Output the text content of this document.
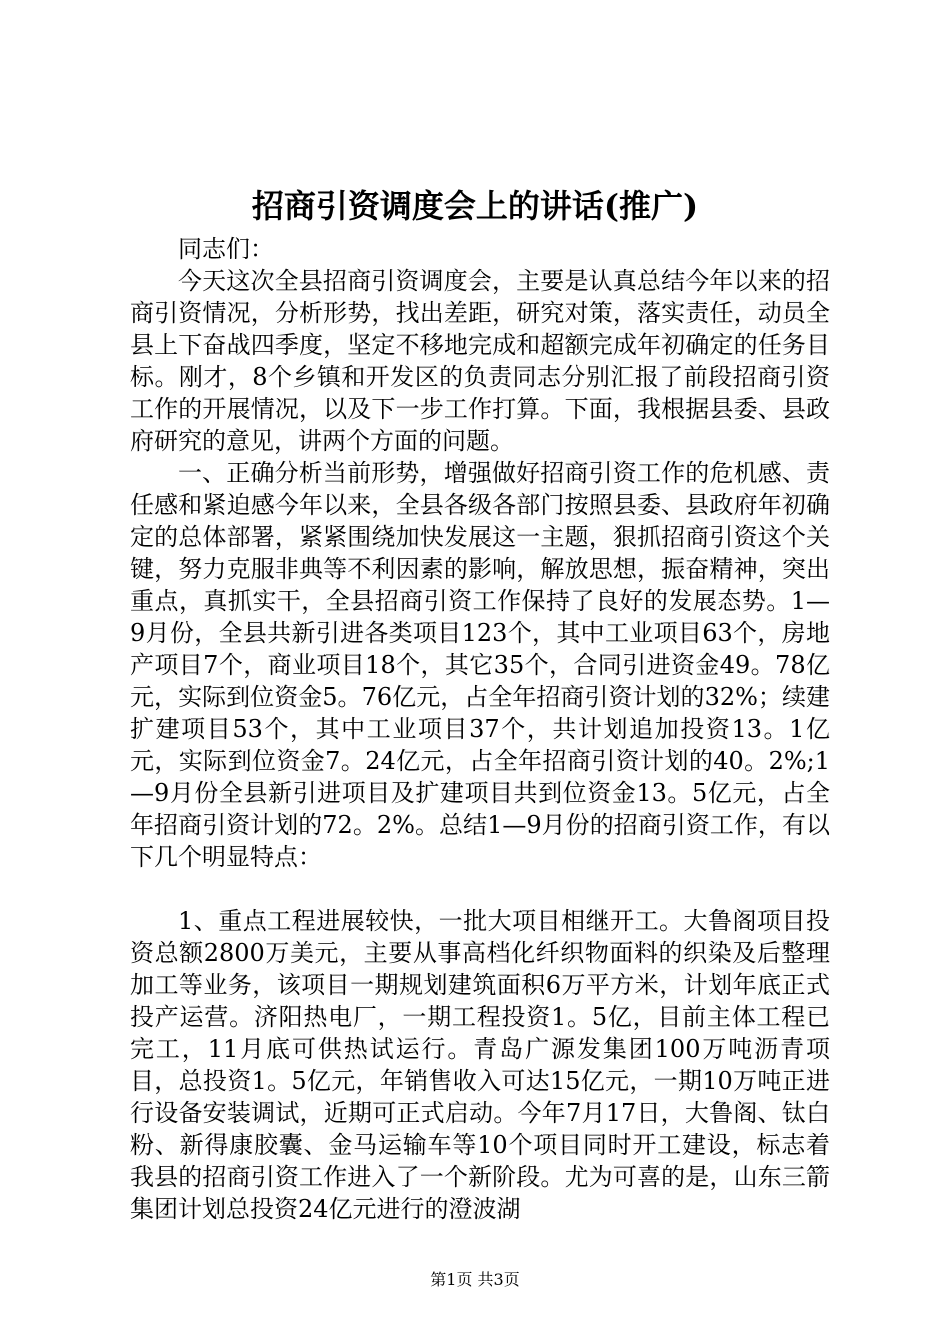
招商引资调度会上的讲话(推广)

同志们：

今天这次全县招商引资调度会，主要是认真总结今年以来的招商引资情况，分析形势，找出差距，研究对策，落实责任，动员全县上下奋战四季度，坚定不移地完成和超额完成年初确定的任务目标。刚才，8个乡镇和开发区的负责同志分别汇报了前段招商引资工作的开展情况，以及下一步工作打算。下面，我根据县委、县政府研究的意见，讲两个方面的问题。

一、正确分析当前形势，增强做好招商引资工作的危机感、责任感和紧迫感今年以来，全县各级各部门按照县委、县政府年初确定的总体部署，紧紧围绕加快发展这一主题，狠抓招商引资这个关键，努力克服非典等不利因素的影响，解放思想，振奋精神，突出重点，真抓实干，全县招商引资工作保持了良好的发展态势。1—9月份，全县共新引进各类项目123个，其中工业项目63个，房地产项目7个，商业项目18个，其它35个，合同引进资金49。78亿元，实际到位资金5。76亿元，占全年招商引资计划的32%；续建扩建项目53个，其中工业项目37个，共计划追加投资13。1亿元，实际到位资金7。24亿元，占全年招商引资计划的40。2%;1—9月份全县新引进项目及扩建项目共到位资金13。5亿元，占全年招商引资计划的72。2%。总结1—9月份的招商引资工作，有以下几个明显特点：

1、重点工程进展较快，一批大项目相继开工。大鲁阁项目投资总额2800万美元，主要从事高档化纤织物面料的织染及后整理加工等业务，该项目一期规划建筑面积6万平方米，计划年底正式投产运营。济阳热电厂，一期工程投资1。5亿，目前主体工程已完工，11月底可供热试运行。青岛广源发集团100万吨沥青项目，总投资1。5亿元，年销售收入可达15亿元，一期10万吨正进行设备安装调试，近期可正式启动。今年7月17日，大鲁阁、钛白粉、新得康胶囊、金马运输车等10个项目同时开工建设，标志着我县的招商引资工作进入了一个新阶段。尤为可喜的是，山东三箭集团计划总投资24亿元进行的澄波湖

第1页 共3页
